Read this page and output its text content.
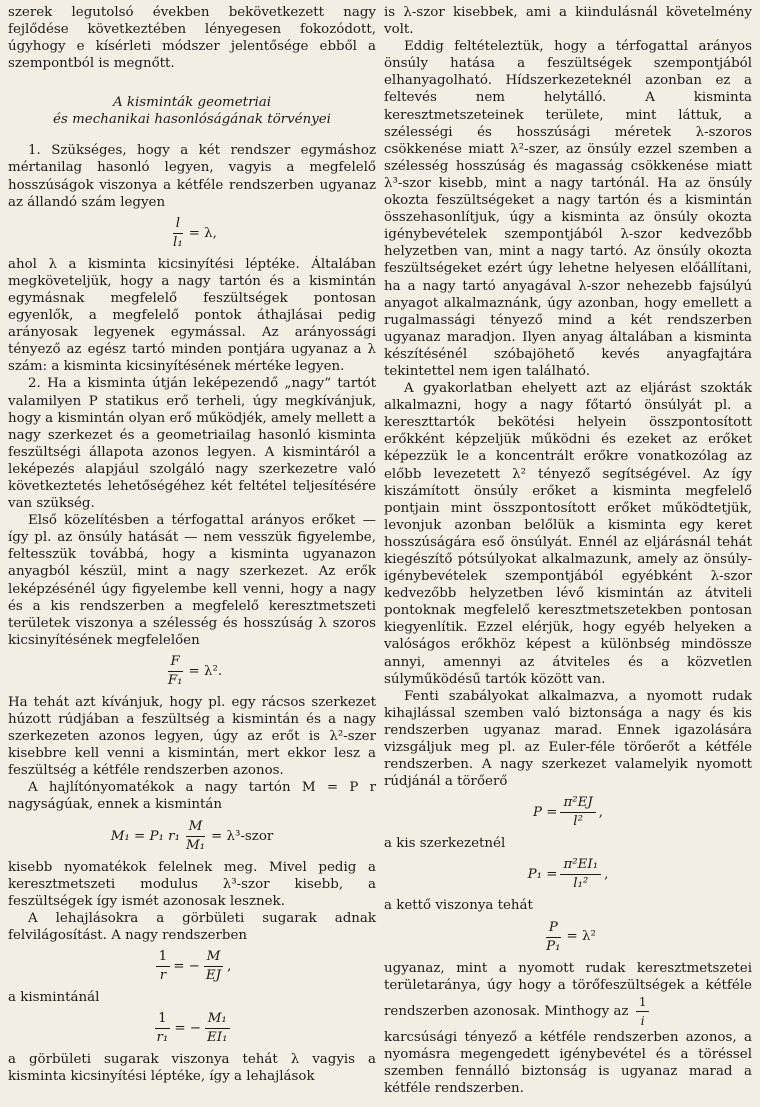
szerek legutolsó években bekövetkezett nagy fejlődése következtében lényegesen fokozódott, úgyhogy e kísérleti módszer jelentősége ebből a szempontból is megnőtt.

A kisminták geometriai
és mechanikai hasonlóságának törvényei

1. Szükséges, hogy a két rendszer egymáshoz mértanilag hasonló legyen, vagyis a megfelelő hosszúságok viszonya a kétféle rendszerben ugyanaz az állandó szám legyen

$\frac{l}{\text{l₁}} = \lambda$,

ahol λ a kisminta kicsinyítési léptéke. Általában megköveteljük, hogy a nagy tartón és a kismintán egymásnak megfelelő feszültségek pontosan egyenlők, a megfelelő pontok áthajlásai pedig arányosak legyenek egymással. Az arányossági tényező az egész tartó minden pontjára ugyanaz a λ szám: a kisminta kicsinyítésének mértéke legyen.

2. Ha a kisminta útján leképezendő „nagy“ tartót valamilyen P statikus erő terheli, úgy megkívánjuk, hogy a kismintán olyan erő működjék, amely mellett a nagy szerkezet és a geometriailag hasonló kisminta feszültségi állapota azonos legyen. A kismintáról a leképezés alapjául szolgáló nagy szerkezetre való következtetés lehetőségéhez két feltétel teljesítésére van szükség.

Első közelítésben a térfogattal arányos erőket — így pl. az önsúly hatását — nem vesszük figyelembe, feltesszük továbbá, hogy a kisminta ugyanazon anyagból készül, mint a nagy szerkezet. Az erők leképzésénél úgy figyelembe kell venni, hogy a nagy és a kis rendszerben a megfelelő keresztmetszeti területek viszonya a szélesség és hosszúság λ szoros kicsinyítésének megfelelően

$\frac{F}{\text{F₁}} = \lambda^2$.

Ha tehát azt kívánjuk, hogy pl. egy rácsos szerkezet húzott rúdjában a feszültség a kismintán és a nagy szerkezeten azonos legyen, úgy az erőt is λ²-szer kisebbre kell venni a kismintán, mert ekkor lesz a feszültség a kétféle rendszerben azonos.

A hajlítónyomatékok a nagy tartón M = P r nagyságúak, ennek a kismintán

M₁ = P₁ $r_1 \frac{M}{\text{M₁}}$ = λ³-szor

kisebb nyomatékok felelnek meg. Mivel pedig a keresztmetszeti modulus λ³-szor kisebb, a feszültségek így ismét azonosak lesznek.

A lehajlásokra a görbületi sugarak adnak felvilágosítást. A nagy rendszerben

$\frac{1}{r}$ = − $\frac{M}{EJ}$ ,

a kismintánál

$\frac{1}{\text{r₁}}$ = − $\frac{\text{M₁}}{\text{EI₁}}$

a görbületi sugarak viszonya tehát λ vagyis a kisminta kicsinyítési léptéke, így a lehajlások

is λ-szor kisebbek, ami a kiindulásnál követelmény volt.

Eddig feltételeztük, hogy a térfogattal arányos önsúly hatása a feszültségek szempontjából elhanyagolható. Hídszerkezeteknél azonban ez a feltevés nem helytálló. A kisminta keresztmetszeteinek területe, mint láttuk, a szélességi és hosszúsági méretek λ-szoros csökkenése miatt λ²-szer, az önsúly ezzel szemben a szélesség hosszúság és magasság csökkenése miatt λ³-szor kisebb, mint a nagy tartónál. Ha az önsúly okozta feszültségeket a nagy tartón és a kismintán összehasonlítjuk, úgy a kisminta az önsúly okozta igénybevételek szempontjából λ-szor kedvezőbb helyzetben van, mint a nagy tartó. Az önsúly okozta feszültségeket ezért úgy lehetne helyesen előállítani, ha a nagy tartó anyagával λ-szor nehezebb fajsúlyú anyagot alkalmaznánk, úgy azonban, hogy emellett a rugalmassági tényező mind a két rendszerben ugyanaz maradjon. Ilyen anyag általában a kisminta készítésénél szóbajöhető kevés anyagfajtára tekintettel nem igen található.

A gyakorlatban ehelyett azt az eljárást szokták alkalmazni, hogy a nagy főtartó önsúlyát pl. a kereszttartók bekötési helyein összpontosított erőkként képzeljük működni és ezeket az erőket képezzük le a koncentrált erőkre vonatkozólag az előbb levezetett λ² tényező segítségével. Az így kiszámított önsúly erőket a kisminta megfelelő pontjain mint összpontosított erőket működtetjük, levonjuk azonban belőlük a kisminta egy keret hosszúságára eső önsúlyát. Ennél az eljárásnál tehát kiegészítő pótsúlyokat alkalmazunk, amely az önsúly-igénybevételek szempontjából egyébként λ-szor kedvezőbb helyzetben lévő kismintán az átviteli pontoknak megfelelő keresztmetszetekben pontosan kiegyenlítik. Ezzel elérjük, hogy egyéb helyeken a valóságos erőkhöz képest a különbség mindössze annyi, amennyi az átviteles és a közvetlen súlyműködésű tartók között van.

Fenti szabályokat alkalmazva, a nyomott rudak kihajlással szemben való biztonsága a nagy és kis rendszerben ugyanaz marad. Ennek igazolására vizsgáljuk meg pl. az Euler-féle törőerőt a kétféle rendszerben. A nagy szerkezet valamelyik nyomott rúdjánál a törőerő

$P = \frac{\text{π²EJ}}{\text{l²}}$ ,

a kis szerkezetnél

$P_1 = \frac{\text{π²EI₁}}{\text{l₁²}}$ ,

a kettő viszonya tehát

$\frac{P}{\text{P₁}} = \lambda^2$

ugyanaz, mint a nyomott rudak keresztmetszetei területaránya, úgy hogy a törőfeszültségek a kétféle rendszerben azonosak. Minthogy az $\frac{1}{i}$

karcsúsági tényező a kétféle rendszerben azonos, a nyomásra megengedett igénybevétel és a töréssel szemben fennálló biztonság is ugyanaz marad a kétféle rendszerben.
